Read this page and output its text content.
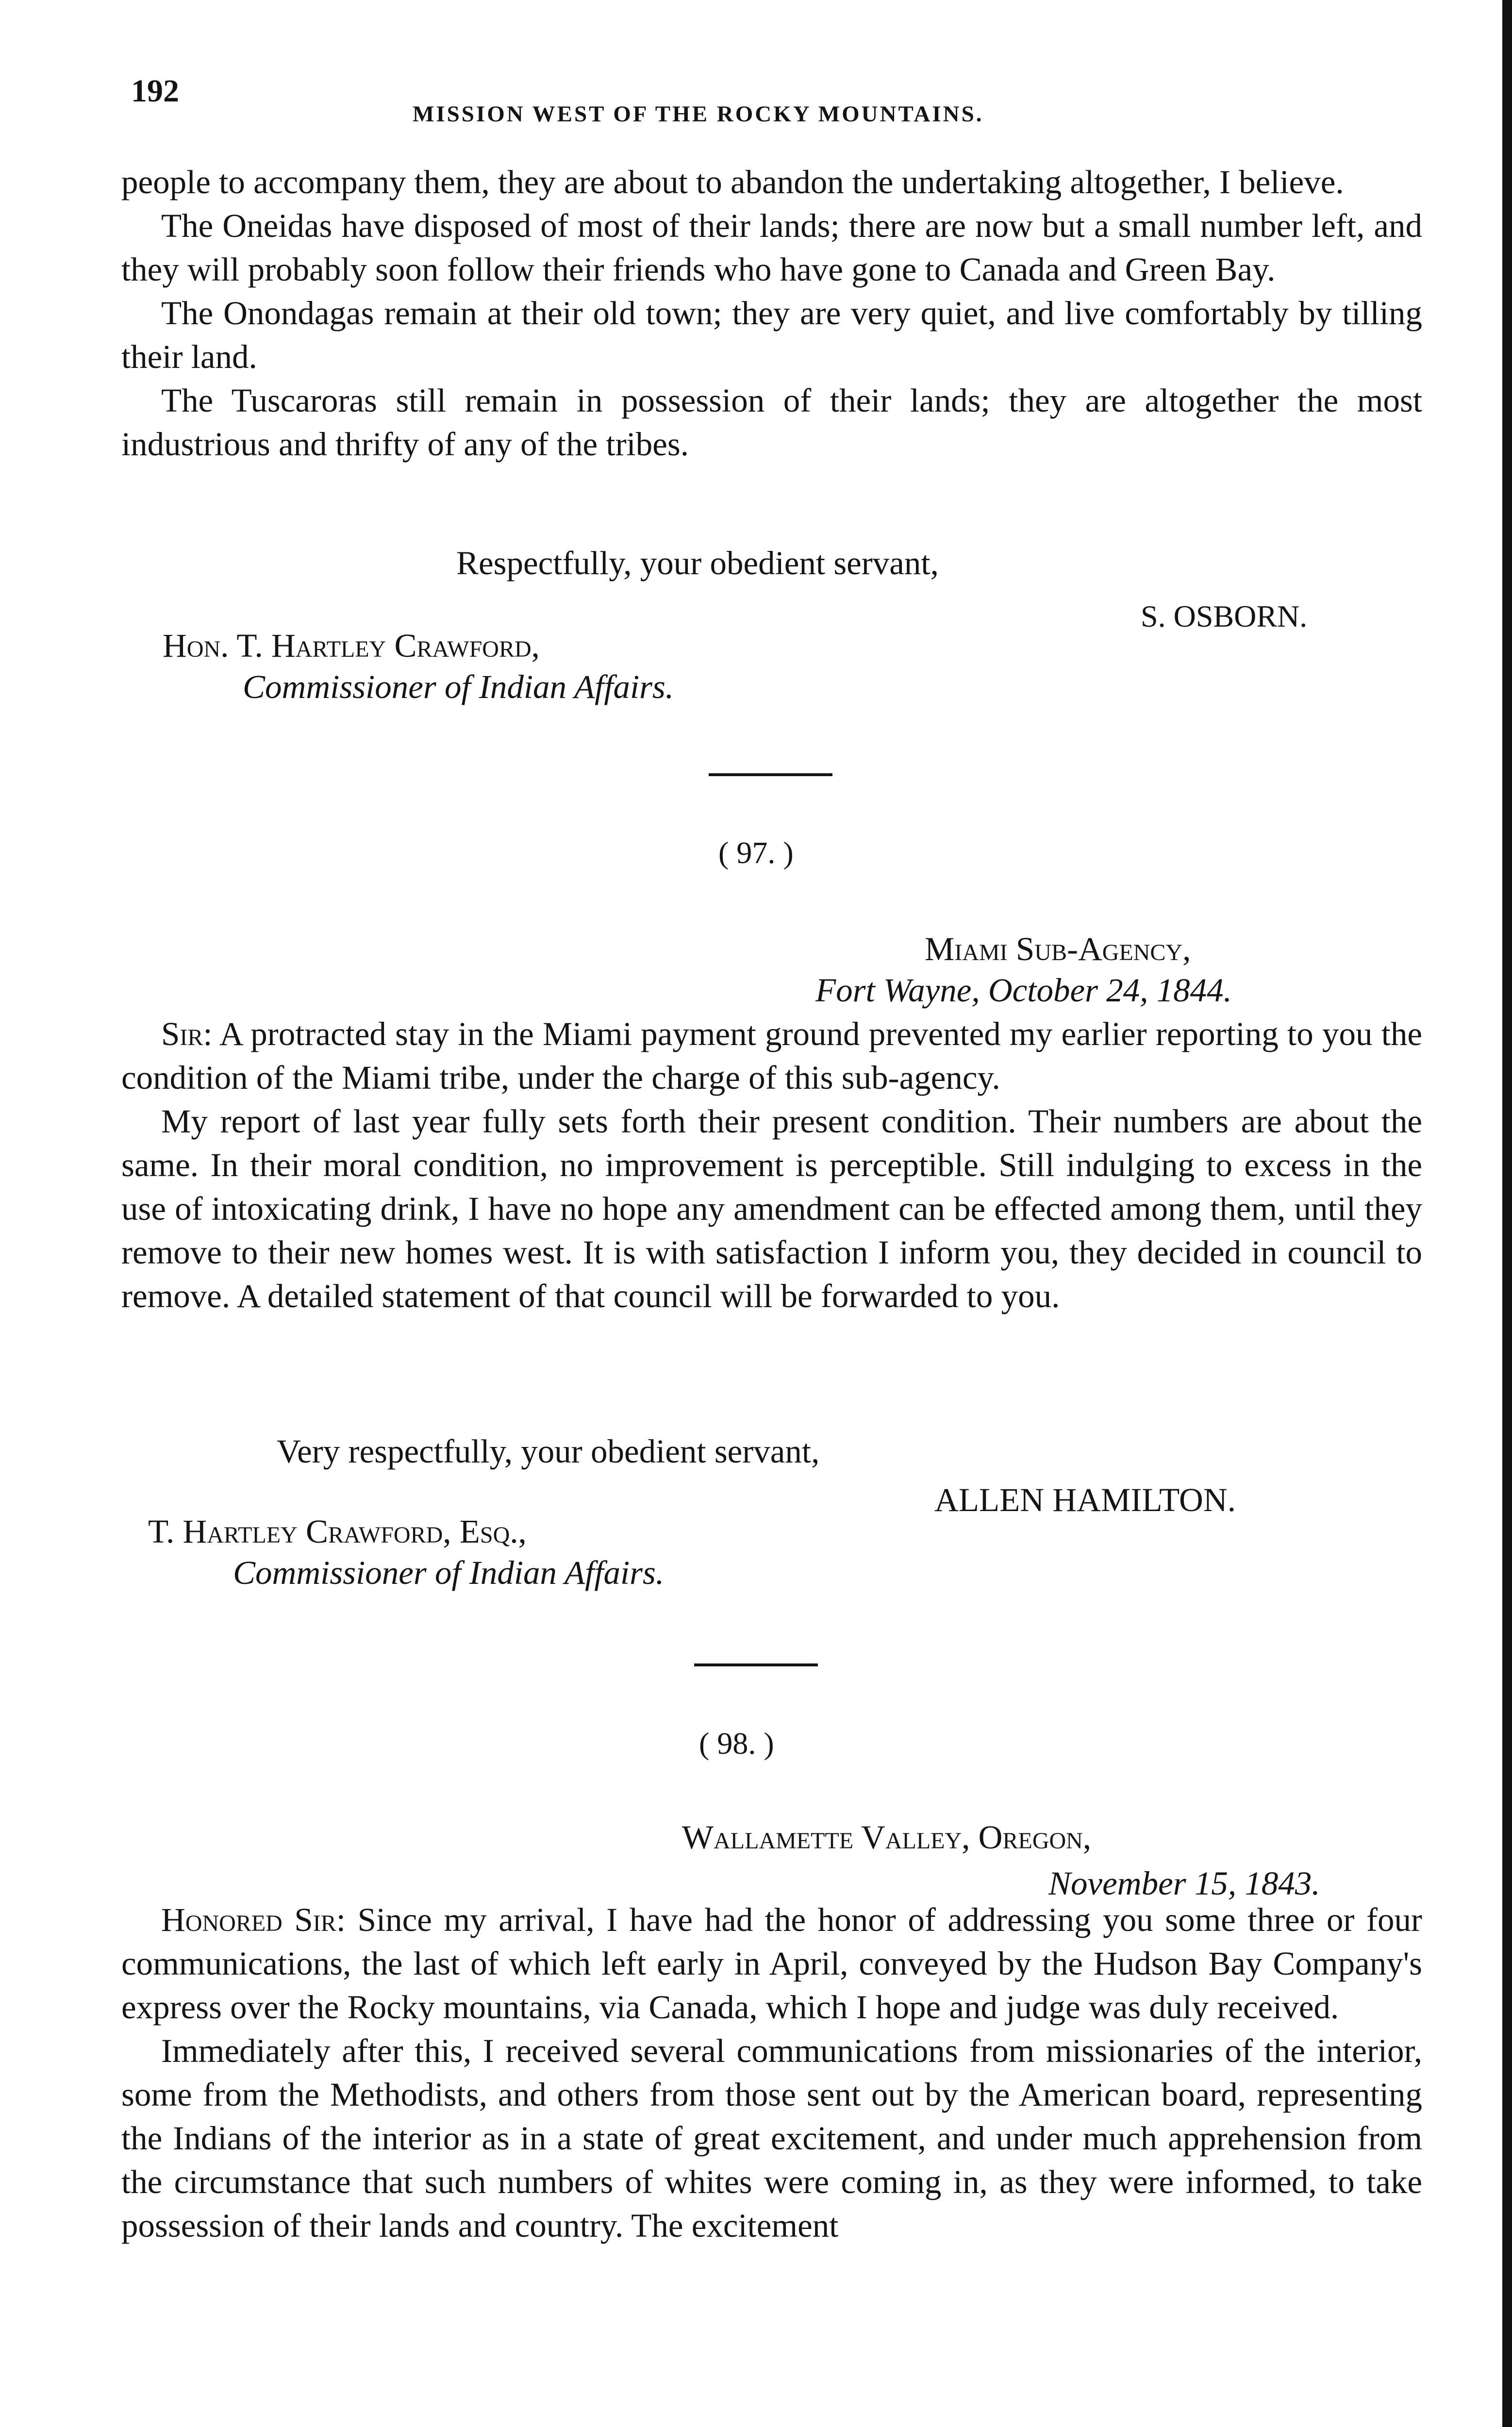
192
MISSION WEST OF THE ROCKY MOUNTAINS.

people to accompany them, they are about to abandon the undertaking altogether, I believe.

The Oneidas have disposed of most of their lands; there are now but a small number left, and they will probably soon follow their friends who have gone to Canada and Green Bay.

The Onondagas remain at their old town; they are very quiet, and live comfortably by tilling their land.

The Tuscaroras still remain in possession of their lands; they are altogether the most industrious and thrifty of any of the tribes.

Respectfully, your obedient servant,
S. OSBORN.
Hon. T. Hartley Crawford,
Commissioner of Indian Affairs.
( 97. )
Miami Sub-Agency,
Fort Wayne, October 24, 1844.

Sir: A protracted stay in the Miami payment ground prevented my earlier reporting to you the condition of the Miami tribe, under the charge of this sub-agency.

My report of last year fully sets forth their present condition. Their numbers are about the same. In their moral condition, no improvement is perceptible. Still indulging to excess in the use of intoxicating drink, I have no hope any amendment can be effected among them, until they remove to their new homes west. It is with satisfaction I inform you, they decided in council to remove. A detailed statement of that council will be forwarded to you.

Very respectfully, your obedient servant,
ALLEN HAMILTON.
T. Hartley Crawford, Esq.,
Commissioner of Indian Affairs.
( 98. )
Wallamette Valley, Oregon,
November 15, 1843.

Honored Sir: Since my arrival, I have had the honor of addressing you some three or four communications, the last of which left early in April, conveyed by the Hudson Bay Company's express over the Rocky mountains, via Canada, which I hope and judge was duly received.

Immediately after this, I received several communications from missionaries of the interior, some from the Methodists, and others from those sent out by the American board, representing the Indians of the interior as in a state of great excitement, and under much apprehension from the circumstance that such numbers of whites were coming in, as they were informed, to take possession of their lands and country. The excitement
